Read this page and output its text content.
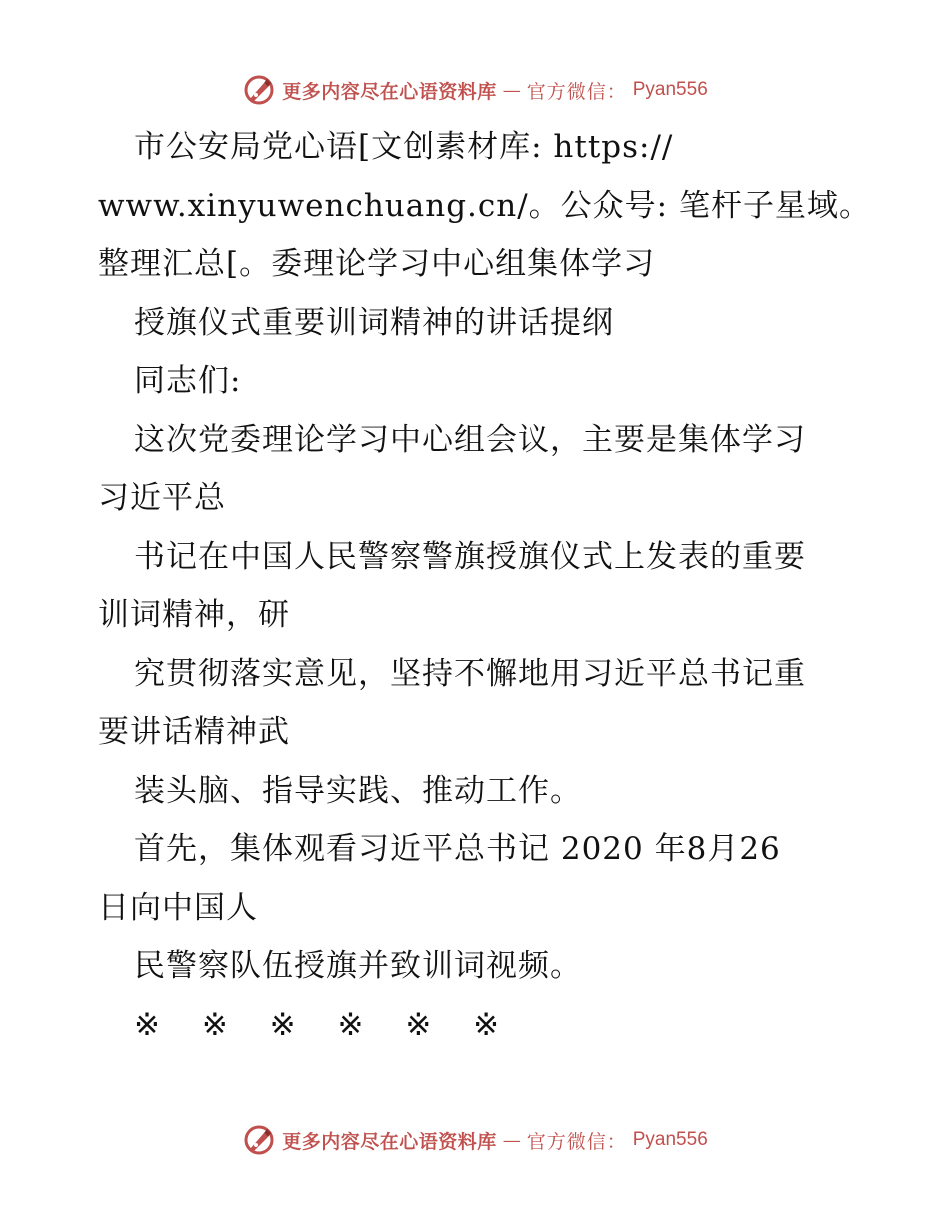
更多内容尽在心语资料库 — 官方微信： Pyan556
市公安局党心语[文创素材库: https://
www.xinyuwenchuang.cn/。公众号: 笔杆子星域。
整理汇总[。委理论学习中心组集体学习
授旗仪式重要训词精神的讲话提纲
同志们:
这次党委理论学习中心组会议，主要是集体学习
习近平总
书记在中国人民警察警旗授旗仪式上发表的重要
训词精神，研
究贯彻落实意见，坚持不懈地用习近平总书记重
要讲话精神武
装头脑、指导实践、推动工作。
首先，集体观看习近平总书记 2020 年8月26
日向中国人
民警察队伍授旗并致训词视频。
※ ※ ※ ※ ※ ※
更多内容尽在心语资料库 — 官方微信： Pyan556
